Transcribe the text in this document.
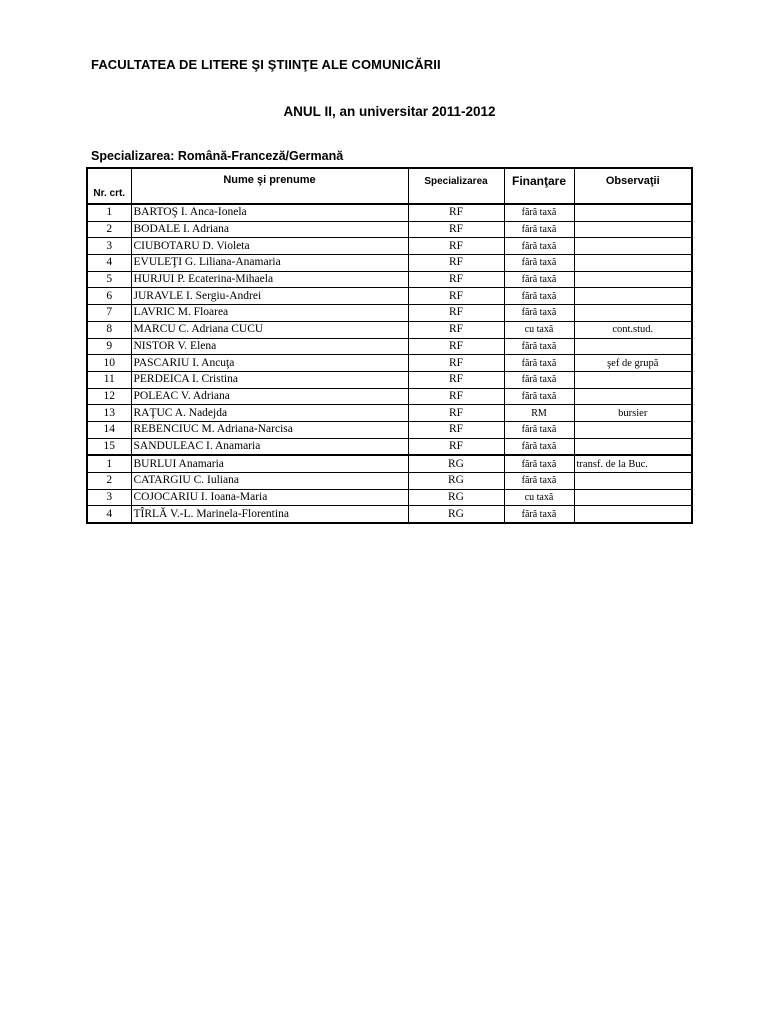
FACULTATEA DE LITERE ŞI ŞTIINŢE ALE COMUNICĂRII
ANUL II, an universitar 2011-2012
Specializarea: Română-Franceză/Germană
Nr. crt.	Nume şi prenume	Specializarea	Finanţare	Observaţii
1	BARTOŞ I. Anca-Ionela	RF	fără taxă	
2	BODALE I. Adriana	RF	fără taxă	
3	CIUBOTARU D. Violeta	RF	fără taxă	
4	EVULEŢI G. Liliana-Anamaria	RF	fără taxă	
5	HURJUI P. Ecaterina-Mihaela	RF	fără taxă	
6	JURAVLE I. Sergiu-Andrei	RF	fără taxă	
7	LAVRIC M. Floarea	RF	fără taxă	
8	MARCU C. Adriana CUCU	RF	cu taxă	cont.stud.
9	NISTOR V. Elena	RF	fără taxă	
10	PASCARIU I. Ancuţa	RF	fără taxă	şef de grupă
11	PERDEICA I. Cristina	RF	fără taxă	
12	POLEAC V. Adriana	RF	fără taxă	
13	RAŢUC A. Nadejda	RF	RM	bursier
14	REBENCIUC M. Adriana-Narcisa	RF	fără taxă	
15	SANDULEAC I. Anamaria	RF	fără taxă	
1	BURLUI Anamaria	RG	fără taxă	transf. de la Buc.
2	CATARGIU C. Iuliana	RG	fără taxă	
3	COJOCARIU I. Ioana-Maria	RG	cu taxă	
4	TÎRLĂ V.-L. Marinela-Florentina	RG	fără taxă	
